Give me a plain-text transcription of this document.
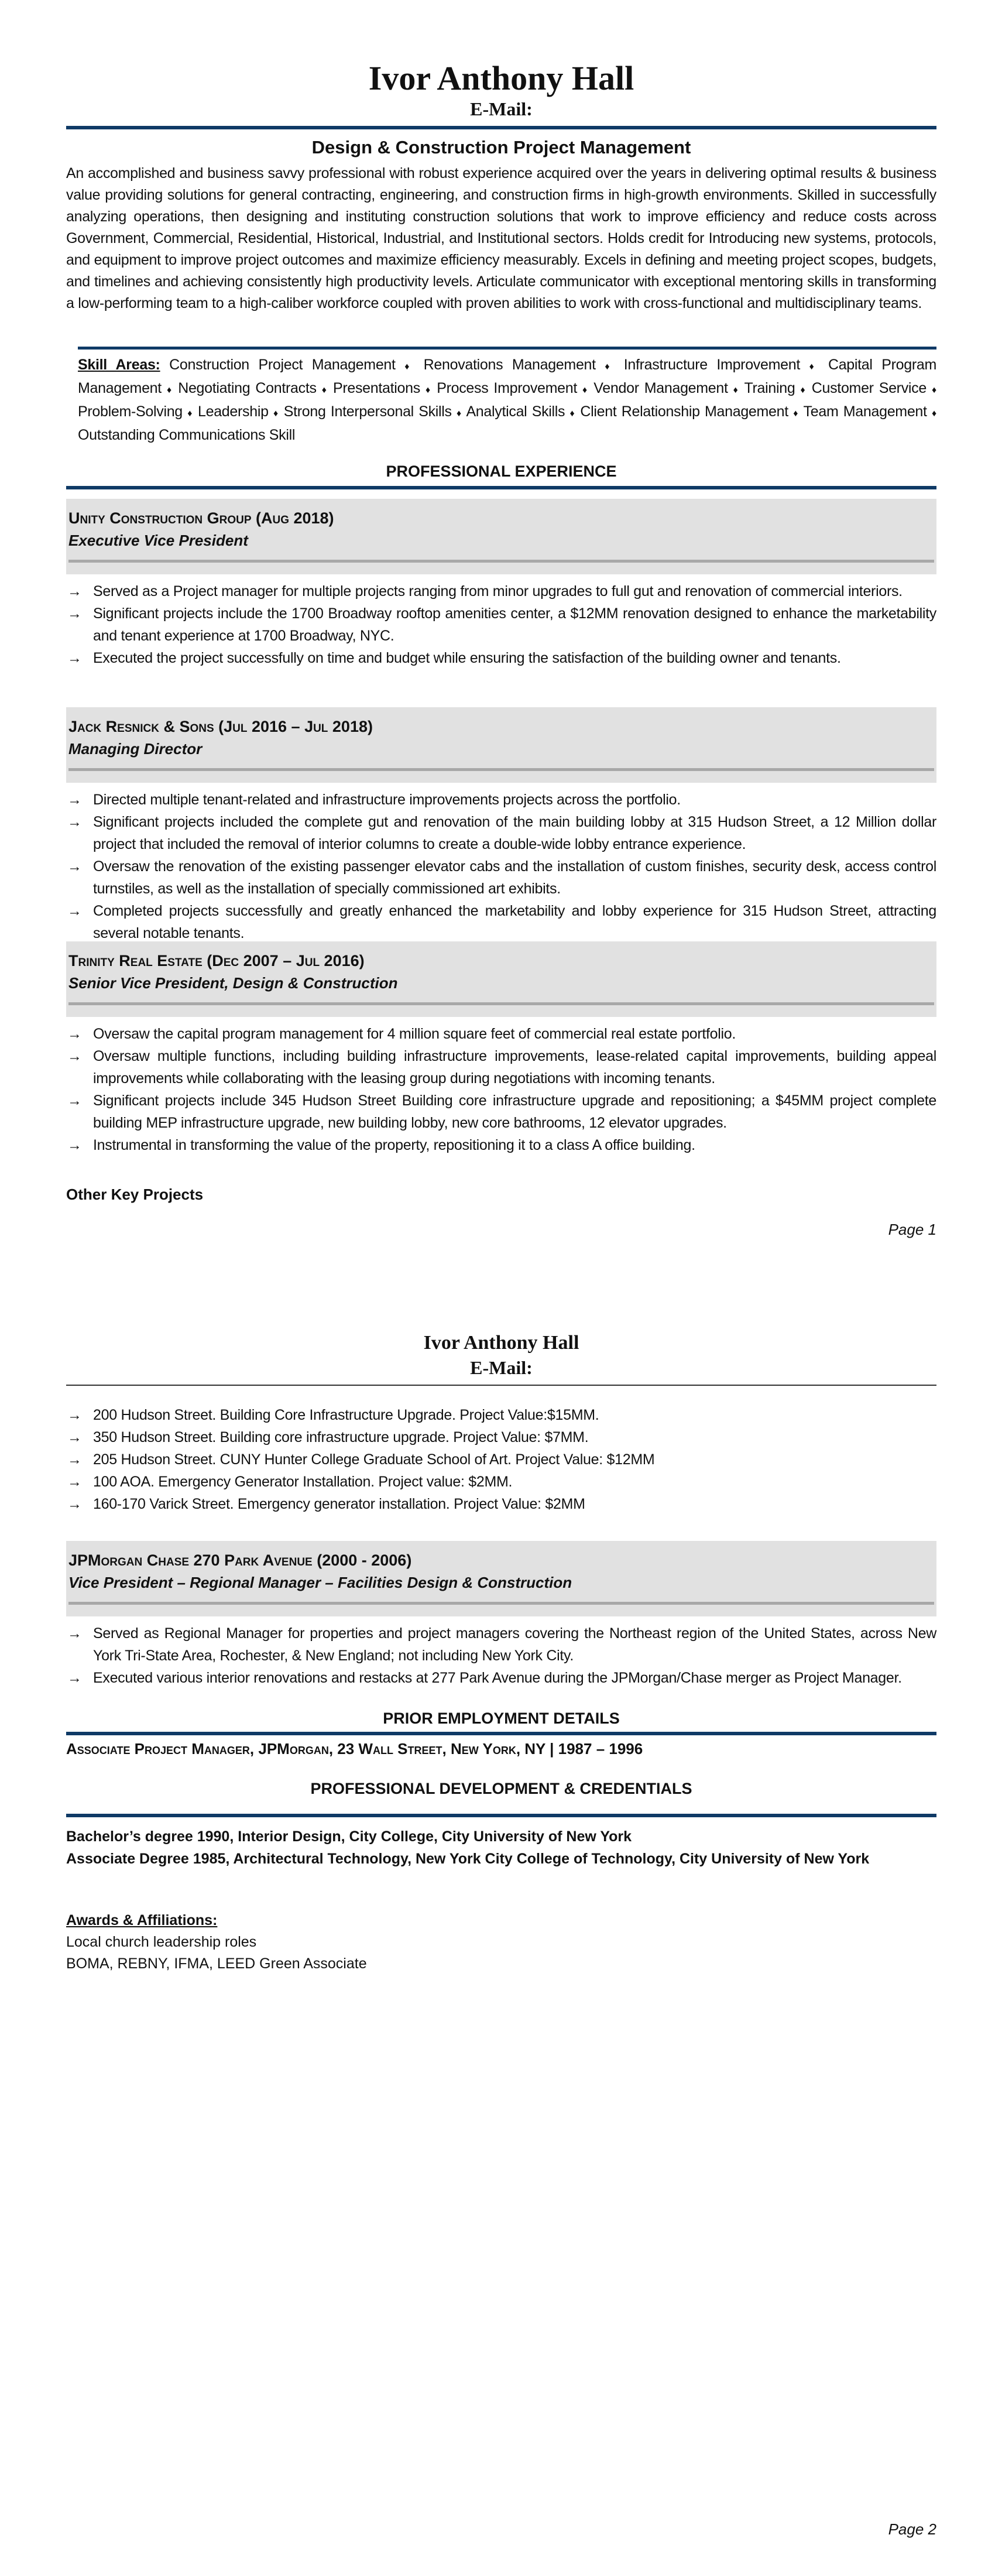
Ivor Anthony Hall
E-Mail:
Design & Construction Project Management
An accomplished and business savvy professional with robust experience acquired over the years in delivering optimal results & business value providing solutions for general contracting, engineering, and construction firms in high-growth environments. Skilled in successfully analyzing operations, then designing and instituting construction solutions that work to improve efficiency and reduce costs across Government, Commercial, Residential, Historical, Industrial, and Institutional sectors. Holds credit for Introducing new systems, protocols, and equipment to improve project outcomes and maximize efficiency measurably. Excels in defining and meeting project scopes, budgets, and timelines and achieving consistently high productivity levels. Articulate communicator with exceptional mentoring skills in transforming a low-performing team to a high-caliber workforce coupled with proven abilities to work with cross-functional and multidisciplinary teams.
Skill Areas: Construction Project Management ♦ Renovations Management ♦ Infrastructure Improvement ♦ Capital Program Management ♦ Negotiating Contracts ♦ Presentations ♦ Process Improvement ♦ Vendor Management ♦ Training ♦ Customer Service ♦ Problem-Solving ♦ Leadership ♦ Strong Interpersonal Skills ♦ Analytical Skills ♦ Client Relationship Management ♦ Team Management ♦ Outstanding Communications Skill
PROFESSIONAL EXPERIENCE
Unity Construction Group (Aug 2018)
Executive Vice President
→ Served as a Project manager for multiple projects ranging from minor upgrades to full gut and renovation of commercial interiors.
→ Significant projects include the 1700 Broadway rooftop amenities center, a $12MM renovation designed to enhance the marketability and tenant experience at 1700 Broadway, NYC.
→ Executed the project successfully on time and budget while ensuring the satisfaction of the building owner and tenants.
Jack Resnick & Sons (Jul 2016 – Jul 2018)
Managing Director
→ Directed multiple tenant-related and infrastructure improvements projects across the portfolio.
→ Significant projects included the complete gut and renovation of the main building lobby at 315 Hudson Street, a 12 Million dollar project that included the removal of interior columns to create a double-wide lobby entrance experience.
→ Oversaw the renovation of the existing passenger elevator cabs and the installation of custom finishes, security desk, access control turnstiles, as well as the installation of specially commissioned art exhibits.
→ Completed projects successfully and greatly enhanced the marketability and lobby experience for 315 Hudson Street, attracting several notable tenants.
Trinity Real Estate (Dec 2007 – Jul 2016)
Senior Vice President, Design & Construction
→ Oversaw the capital program management for 4 million square feet of commercial real estate portfolio.
→ Oversaw multiple functions, including building infrastructure improvements, lease-related capital improvements, building appeal improvements while collaborating with the leasing group during negotiations with incoming tenants.
→ Significant projects include 345 Hudson Street Building core infrastructure upgrade and repositioning; a $45MM project complete building MEP infrastructure upgrade, new building lobby, new core bathrooms, 12 elevator upgrades.
→ Instrumental in transforming the value of the property, repositioning it to a class A office building.
Other Key Projects
Page 1
Ivor Anthony Hall
E-Mail:
→ 200 Hudson Street. Building Core Infrastructure Upgrade. Project Value:$15MM.
→ 350 Hudson Street. Building core infrastructure upgrade. Project Value: $7MM.
→ 205 Hudson Street. CUNY Hunter College Graduate School of Art. Project Value: $12MM
→ 100 AOA. Emergency Generator Installation. Project value: $2MM.
→ 160-170 Varick Street. Emergency generator installation. Project Value: $2MM
JPMorgan Chase 270 Park Avenue (2000 - 2006)
Vice President – Regional Manager – Facilities Design & Construction
→ Served as Regional Manager for properties and project managers covering the Northeast region of the United States, across New York Tri-State Area, Rochester, & New England; not including New York City.
→ Executed various interior renovations and restacks at 277 Park Avenue during the JPMorgan/Chase merger as Project Manager.
PRIOR EMPLOYMENT DETAILS
Associate Project Manager, JPMorgan, 23 Wall Street, New York, NY | 1987 – 1996
PROFESSIONAL DEVELOPMENT & CREDENTIALS
Bachelor’s degree 1990, Interior Design, City College, City University of New York
Associate Degree 1985, Architectural Technology, New York City College of Technology, City University of New York
Awards & Affiliations:
Local church leadership roles
BOMA, REBNY, IFMA, LEED Green Associate
Page 2
